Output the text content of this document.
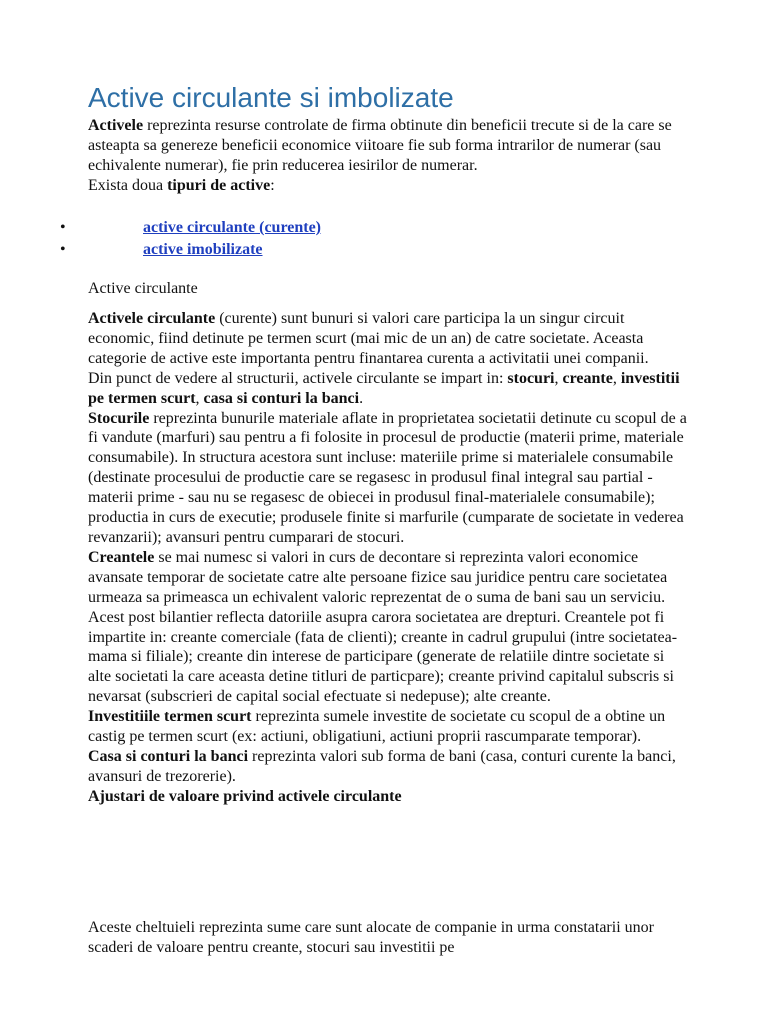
Active circulante si imbolizate

Activele reprezinta resurse controlate de firma obtinute din beneficii trecute si de la care se asteapta sa genereze beneficii economice viitoare fie sub forma intrarilor de numerar (sau echivalente numerar), fie prin reducerea iesirilor de numerar.

Exista doua tipuri de active:

•	active circulante (curente)
•	active imobilizate
Active circulante

Activele circulante (curente) sunt bunuri si valori care participa la un singur circuit economic, fiind detinute pe termen scurt (mai mic de un an) de catre societate. Aceasta categorie de active este importanta pentru finantarea curenta a activitatii unei companii.

Din punct de vedere al structurii, activele circulante se impart in: stocuri, creante, investitii pe termen scurt, casa si conturi la banci.

Stocurile reprezinta bunurile materiale aflate in proprietatea societatii detinute cu scopul de a fi vandute (marfuri) sau pentru a fi folosite in procesul de productie (materii prime, materiale consumabile). In structura acestora sunt incluse: materiile prime si materialele consumabile (destinate procesului de productie care se regasesc in produsul final integral sau partial - materii prime - sau nu se regasesc de obiecei in produsul final-materialele consumabile); productia in curs de executie; produsele finite si marfurile (cumparate de societate in vederea revanzarii); avansuri pentru cumparari de stocuri.

Creantele se mai numesc si valori in curs de decontare si reprezinta valori economice avansate temporar de societate catre alte persoane fizice sau juridice pentru care societatea urmeaza sa primeasca un echivalent valoric reprezentat de o suma de bani sau un serviciu. Acest post bilantier reflecta datoriile asupra carora societatea are drepturi. Creantele pot fi impartite in: creante comerciale (fata de clienti); creante in cadrul grupului (intre societatea-mama si filiale); creante din interese de participare (generate de relatiile dintre societate si alte societati la care aceasta detine titluri de particpare); creante privind capitalul subscris si nevarsat (subscrieri de capital social efectuate si nedepuse); alte creante.

Investitiile termen scurt reprezinta sumele investite de societate cu scopul de a obtine un castig pe termen scurt (ex: actiuni, obligatiuni, actiuni proprii rascumparate temporar).

Casa si conturi la banci reprezinta valori sub forma de bani (casa, conturi curente la banci, avansuri de trezorerie).

Ajustari de valoare privind activele circulante

Aceste cheltuieli reprezinta sume care sunt alocate de companie in urma constatarii unor scaderi de valoare pentru creante, stocuri sau investitii pe
